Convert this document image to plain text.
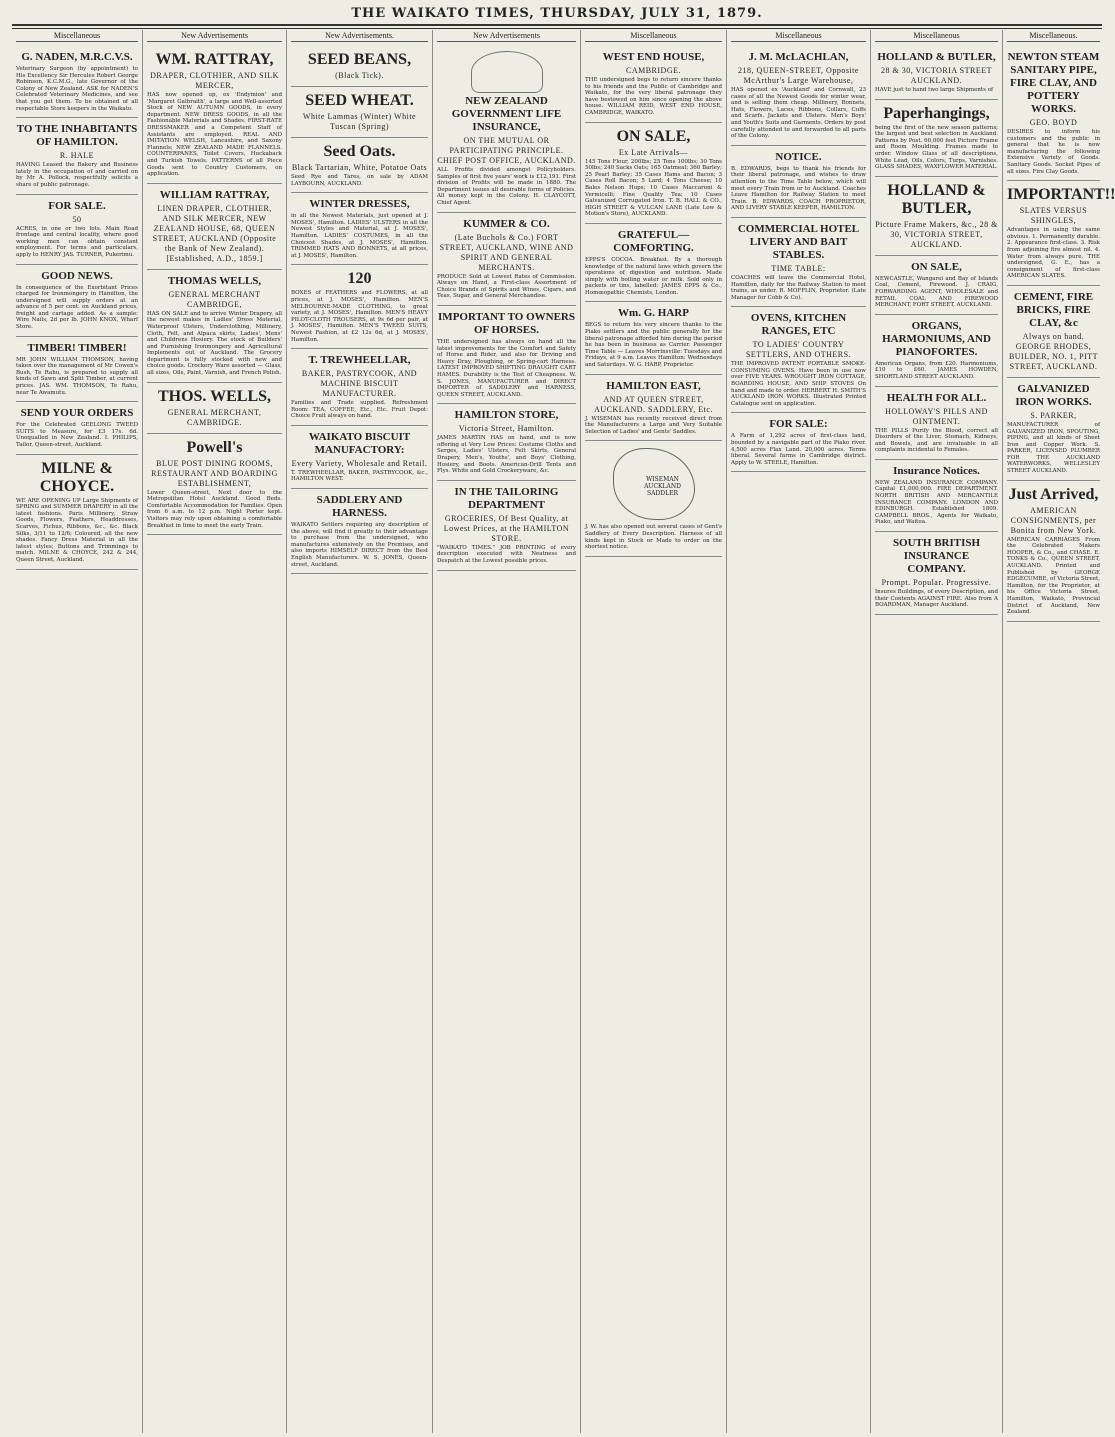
THE WAIKATO TIMES, THURSDAY, JULY 31, 1879.
Miscellaneous
G. NADEN, M.R.C.V.S.

Veterinary Surgeon (by appointment) to His Excellency Sir Hercules Robert George Robinson, K.C.M.G., late Governor of the Colony of New Zealand. ASK for NADEN'S Celebrated Veterinary Medicines, and see that you get them. To be obtained of all respectable Store keepers in the Waikato.

TO THE INHABITANTS OF HAMILTON.
R. HALE

HAVING Leased the Bakery and Business lately in the occupation of and carried on by Mr A. Pollock, respectfully solicits a share of public patronage.

FOR SALE.
50

ACRES, in one or two lots. Main Road frontage and central locality, where good working men can obtain constant employment. For terms and particulars, apply to HENRY JAS. TURNER, Pukerimu.

GOOD NEWS.

In consequence of the Exorbitant Prices charged for Ironmongery in Hamilton, the undersigned will supply orders at an advance of 5 per cent. on Auckland prices, freight and cartage added. As a sample: Wire Nails, 2d per lb. JOHN KNOX, Wharf Store.

TIMBER! TIMBER!

MR JOHN WILLIAM THOMSON, having taken over the management of Mr Cowen's Bush, Te Rahu, is prepared to supply all kinds of Sawn and Split Timber, at current prices. JAS. WM. THOMSON, Te Rahu, near Te Awamutu.

SEND YOUR ORDERS

For the Celebrated GEELONG TWEED SUITS to Measure, for £3 17s. 6d. Unequalled in New Zealand. I. PHILIPS, Tailor, Queen-street, Auckland.

MILNE & CHOYCE.

WE ARE OPENING UP Large Shipments of SPRING and SUMMER DRAPERY in all the latest fashions. Paris Millinery, Straw Goods, Flowers, Feathers, Headdresses, Scarves, Fichus, Ribbons, &c., &c. Black Silks, 3/11 to 12/6; Coloured, all the new shades. Fancy Dress Material in all the latest styles; Buttons and Trimmings to match. MILNE & CHOYCE, 242 & 244, Queen Street, Auckland.

New Advertisements
WM. RATTRAY,
DRAPER, CLOTHIER, AND SILK MERCER,

HAS now opened up, ex 'Endymion' and 'Margaret Galbraith', a large and Well-assorted Stock of NEW AUTUMN GOODS, in every department. NEW DRESS GOODS, in all the Fashionable Materials and Shades. FIRST-RATE DRESSMAKER and a Competent Staff of Assistants are employed. REAL AND IMITATION WELSH, Lancashire, and Saxony Flannels; NEW ZEALAND MADE FLANNELS. COUNTERPANES, Toilet Covers, Huckaback and Turkish Towels. PATTERNS of all Piece Goods sent to Country Customers, on application.

WILLIAM RATTRAY,
LINEN DRAPER, CLOTHIER, AND SILK MERCER, NEW ZEALAND HOUSE, 68, QUEEN STREET, AUCKLAND (Opposite the Bank of New Zealand). [Established, A.D., 1859.]
THOMAS WELLS,
GENERAL MERCHANT CAMBRIDGE,

HAS ON SALE and to arrive Winter Drapery, all the newest makes in Ladies' Dress Material, Waterproof Ulsters, Underclothing, Millinery, Cloth, Felt, and Alpaca skirts, Ladies', Mens' and Childrens Hosiery. The stock of Builders' and Furnishing Ironmongery and Agricultural Implements out of Auckland. The Grocery department is fully stocked with new and choice goods. Crockery Ware assorted — Glass, all sizes, Oils, Paint, Varnish, and French Polish.

THOS. WELLS,
GENERAL MERCHANT, CAMBRIDGE.
Powell's
BLUE POST DINING ROOMS, RESTAURANT AND BOARDING ESTABLISHMENT,

Lower Queen-street, Next door to the Metropolitan Hotel Auckland. Good Beds. Comfortable Accommodation for Families. Open from 6 a.m. to 12 p.m. Night Porter kept. Visitors may rely upon obtaining a comfortable Breakfast in time to meet the early Train.

New Advertisements.
SEED BEANS,
(Black Tick).
SEED WHEAT.
White Lammas (Winter) White Tuscan (Spring)
Seed Oats.
Black Tartarian, White, Potatoe Oats

Seed Rye and Tares, on sale by ADAM LAYBOURN, AUCKLAND.

WINTER DRESSES,

in all the Newest Materials, just opened at J. MOSES', Hamilton. LADIES' ULSTERS in all the Newest Styles and Material, at J. MOSES', Hamilton. LADIES' COSTUMES, in all the Choicest Shades, at J. MOSES', Hamilton. TRIMMED HATS AND BONNETS, at all prices, at J. MOSES', Hamilton.

120

BOXES of FEATHERS and FLOWERS, at all prices, at J. MOSES', Hamilton. MEN'S MELBOURNE-MADE CLOTHING, to great variety, at J. MOSES', Hamilton. MEN'S HEAVY PILOT-CLOTH TROUSERS, at 9s 6d per pair, at J. MOSES', Hamilton. MEN'S TWEED SUITS, Newest Fashion, at £2 12s 6d, at J. MOSES', Hamilton.

T. TREWHEELLAR,
BAKER, PASTRYCOOK, AND MACHINE BISCUIT MANUFACTURER.

Families and Trade supplied. Refreshment Room: TEA, COFFEE, Etc., Etc. Fruit Depot: Choice Fruit always on hand.

WAIKATO BISCUIT MANUFACTORY:
Every Variety, Wholesale and Retail.

T. TREWHEELLAR, BAKER, PASTRYCOOK, &c., HAMILTON WEST.

SADDLERY AND HARNESS.

WAIKATO Settlers requiring any description of the above, will find it greatly to their advantage to purchase from the undersigned, who manufactures extensively on the Premises, and also imports HIMSELF DIRECT from the Best English Manufacturers. W. S. JONES, Queen-street, Auckland.

New Advertisements
NEW ZEALAND GOVERNMENT LIFE INSURANCE,
ON THE MUTUAL OR PARTICIPATING PRINCIPLE. CHIEF POST OFFICE, AUCKLAND.

ALL Profits divided amongst Policyholders. Samples of first five years' work is £12,191. First division of Profits will be made in 1880. The Department issues all desirable forms of Policies. All money kept in the Colony. H. CLAYCOTT, Chief Agent.

KUMMER & CO.
(Late Buchols & Co.) FORT STREET, AUCKLAND, WINE AND SPIRIT AND GENERAL MERCHANTS.

PRODUCE Sold at Lowest Rates of Commission. Always on Hand, a First-class Assortment of Choice Brands of Spirits and Wines, Cigars, and Teas, Sugar, and General Merchandise.

IMPORTANT TO OWNERS OF HORSES.

THE undersigned has always on hand all the latest improvements for the Comfort and Safety of Horse and Rider, and also for Driving and Heavy Dray, Ploughing, or Spring-cart Harness. LATEST IMPROVED SHIFTING DRAUGHT CART HAMES. Durability is the Test of Cheapness. W. S. JONES, MANUFACTURER and DIRECT IMPORTER of SADDLERY and HARNESS, QUEEN STREET, AUCKLAND.

HAMILTON STORE,
Victoria Street, Hamilton.

JAMES MARTIN HAS on hand, and is now offering at Very Low Prices: Costume Cloths and Serges, Ladies' Ulsters, Felt Skirts, General Drapery, Men's, Youths', and Boys' Clothing, Hosiery, and Boots. American-Drill Tents and Flys. White and Gold Crockeryware, &c.

IN THE TAILORING DEPARTMENT
GROCERIES, Of Best Quality, at Lowest Prices, at the HAMILTON STORE.

"WAIKATO TIMES." JOB PRINTING of every description executed with Neatness and Despatch at the Lowest possible prices.

Miscellaneous
WEST END HOUSE,
CAMBRIDGE.

THE undersigned begs to return sincere thanks to his friends and the Public of Cambridge and Waikato, for the very liberal patronage they have bestowed on him since opening the above house. WILLIAM REID, WEST END HOUSE, CAMBRIDGE, WAIKATO.

ON SALE,
Ex Late Arrivals—

145 Tons Flour, 200lbs; 25 Tons 100lbs; 30 Tons 50lbs; 240 Sacks Oats; 165 Oatmeal; 360 Barley; 25 Pearl Barley; 35 Cases Hams and Bacon; 3 Cases Roll Bacon; 5 Lard; 4 Tons Cheese; 10 Bales Nelson Hops; 10 Cases Maccaroni & Vermicelli; Fine Quality Tea; 10 Cases Galvanized Corrugated Iron. T. B. HALL & CO., HIGH STREET & VULCAN LANE (Late Low & Motion's Store), AUCKLAND.

GRATEFUL—COMFORTING.

EPPS'S COCOA. Breakfast. By a thorough knowledge of the natural laws which govern the operations of digestion and nutrition. Made simply with boiling water or milk. Sold only in packets or tins, labelled: JAMES EPPS & Co., Homœopathic Chemists, London.

Wm. G. HARP

BEGS to return his very sincere thanks to the Piako settlers and the public generally for the liberal patronage afforded him during the period he has been in business as Carrier. Passenger Time Table — Leaves Morrinsville: Tuesdays and Fridays, at 9 a.m. Leaves Hamilton: Wednesdays and Saturdays. W. G. HARP, Proprietor.

HAMILTON EAST,
AND AT QUEEN STREET, AUCKLAND. SADDLERY, Etc.

J. WISEMAN has recently received direct from the Manufacturers a Large and Very Suitable Selection of Ladies' and Gents' Saddles.

WISEMAN AUCKLAND SADDLER

J. W. has also opened out several cases of Gent's Saddlery of Every Description. Harness of all kinds kept in Stock or Made to order on the shortest notice.

Miscellaneous
J. M. McLACHLAN,
218, QUEEN-STREET, Opposite McArthur's Large Warehouse,

HAS opened ex 'Auckland' and Cornwall, 23 cases of all the Newest Goods for winter wear, and is selling them cheap. Millinery, Bonnets, Hats, Flowers, Laces, Ribbons, Collars, Cuffs and Scarfs. Jackets and Ulsters. Men's Boys' and Youth's Suits and Garments. Orders by post carefully attended to and forwarded to all parts of the Colony.

NOTICE.

B. EDWARDS, begs to thank his friends for their liberal patronage, and wishes to draw attention to the Time Table below, which will meet every Train from or to Auckland. Coaches Leave Hamilton for Railway Station to meet Train. B. EDWARDS, COACH PROPRIETOR, AND LIVERY STABLE KEEPER, HAMILTON.

COMMERCIAL HOTEL LIVERY AND BAIT STABLES.
TIME TABLE:

COACHES will leave the Commercial Hotel, Hamilton, daily for the Railway Station to meet trains, as under. R. MOFFLIN, Proprietor. (Late Manager for Cobb & Co).

OVENS, KITCHEN RANGES, ETC
TO LADIES' COUNTRY SETTLERS, AND OTHERS.

THE IMPROVED PATENT PORTABLE SMOKE-CONSUMING OVENS. Have been in use now over FIVE YEARS. WROUGHT IRON COTTAGE, BOARDING HOUSE, AND SHIP STOVES On hand and made to order. HERBERT H. SMITH'S AUCKLAND IRON WORKS. Illustrated Printed Catalogue sent on application.

FOR SALE:

A Farm of 1,292 acres of first-class land, bounded by a navigable part of the Piako river. 4,500 acres Flax Land. 20,000 acres. Terms liberal. Several farms in Cambridge district. Apply to W. STEELE, Hamilton.

Miscellaneous
HOLLAND & BUTLER,
28 & 30, VICTORIA STREET AUCKLAND.

HAVE just to hand two large Shipments of

Paperhangings,

being the first of the new season patterns; the largest and best selection in Auckland. Patterns by Post. 60,000 feet Picture Frame and Room Moulding. Frames made to order. Window Glass of all descriptions, White Lead, Oils, Colors, Turps, Varnishes. GLASS SHADES, WAXFLOWER MATERIAL.

HOLLAND & BUTLER,
Picture Frame Makers, &c., 28 & 30, VICTORIA STREET, AUCKLAND.
ON SALE,

NEWCASTLE, Wangarei and Bay of Islands Coal, Cement, Firewood. J. CRAIG, FORWARDING AGENT, WHOLESALE and RETAIL COAL AND FIREWOOD MERCHANT, FORT STREET, AUCKLAND.

ORGANS, HARMONIUMS, AND PIANOFORTES.

American Organs, from £20. Harmoniums, £10 to £60. JAMES HOWDEN, SHORTLAND STREET AUCKLAND.

HEALTH FOR ALL.
HOLLOWAY'S PILLS AND OINTMENT.

THE PILLS Purify the Blood, correct all Disorders of the Liver, Stomach, Kidneys, and Bowels, and are invaluable in all complaints incidental to Females.

Insurance Notices.

NEW ZEALAND INSURANCE COMPANY. Capital £1,000,000. FIRE DEPARTMENT. NORTH BRITISH AND MERCANTILE INSURANCE COMPANY. LONDON AND EDINBURGH. Established 1809. CAMPBELL BROS., Agents for Waikato, Piako, and Waitoa.

SOUTH BRITISH INSURANCE COMPANY.
Prompt. Popular. Progressive.

Insures Buildings, of every Description, and their Contents AGAINST FIRE. Also from A BOARDMAN, Manager Auckland.

Miscellaneous.
NEWTON STEAM SANITARY PIPE, FIRE CLAY, AND POTTERY WORKS.
GEO. BOYD

DESIRES to inform his customers and the public in general that he is now manufacturing the following Extensive Variety of Goods. Sanitary Goods. Socket Pipes of all sizes. Fire Clay Goods.

IMPORTANT!!
SLATES VERSUS SHINGLES,

Advantages in using the same obvious. 1. Permanently durable. 2. Appearance first-class. 3. Risk from adjoining fire almost nil. 4. Water from always pure. THE undersigned, G. E., has a consignment of first-class AMERICAN SLATES.

CEMENT, FIRE BRICKS, FIRE CLAY, &c
Always on hand. GEORGE RHODES, BUILDER, NO. 1, PITT STREET, AUCKLAND.
GALVANIZED IRON WORKS.
S. PARKER,

MANUFACTURER of GALVANIZED IRON, SPOUTING, PIPING, and all kinds of Sheet Iron and Copper Work. S. PARKER, LICENSED PLUMBER FOR THE AUCKLAND WATERWORKS, WELLESLEY STREET AUCKLAND.

Just Arrived,
AMERICAN CONSIGNMENTS, per Bonita from New York.

AMERICAN CARRIAGES From the Celebrated Makers HOOPER, & Co., and CHASE. E. TONKS & Co., QUEEN STREET, AUCKLAND. Printed and Published by GEORGE EDGECUMBE, of Victoria Street, Hamilton, for the Proprietor, at his Office Victoria Street, Hamilton, Waikato, Provincial District of Auckland, New Zealand.
